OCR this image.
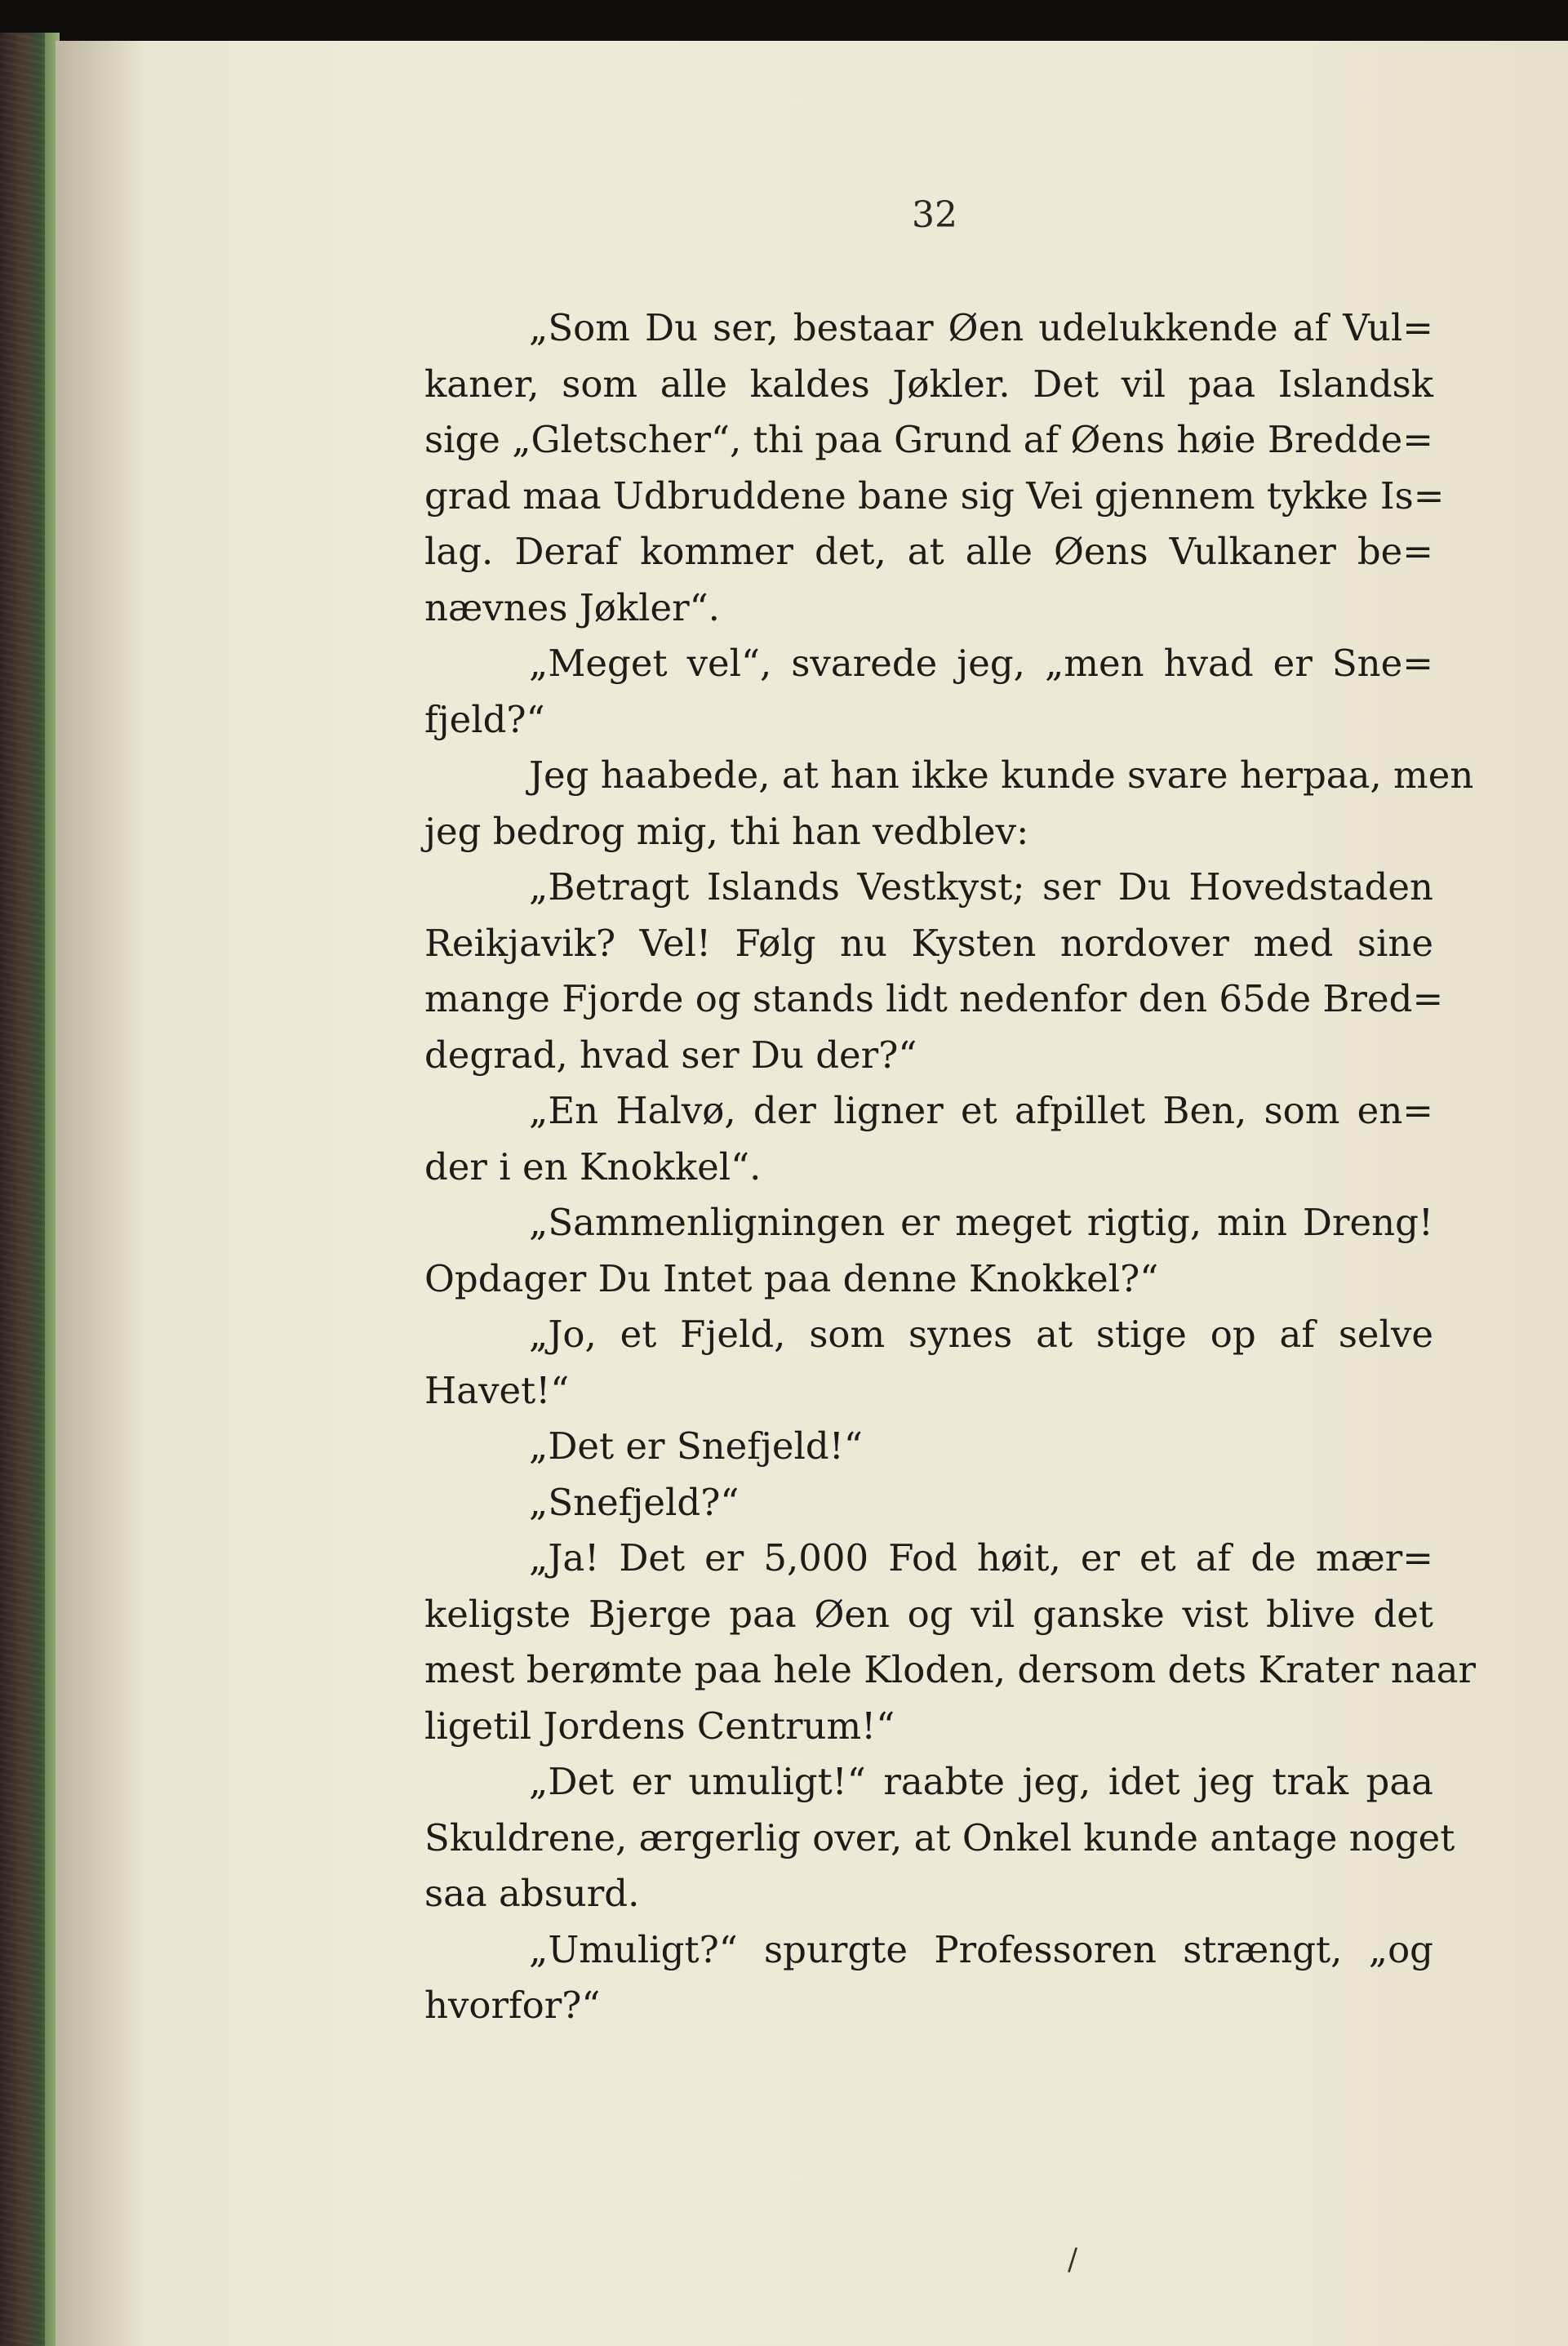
32
„Som Du ser, bestaar Øen udelukkende af Vul=
kaner, som alle kaldes Jøkler. Det vil paa Islandsk
sige „Gletscher“, thi paa Grund af Øens høie Bredde=
grad maa Udbruddene bane sig Vei gjennem tykke Is=
lag. Deraf kommer det, at alle Øens Vulkaner be=
nævnes Jøkler“.
„Meget vel“, svarede jeg, „men hvad er Sne=
fjeld?“
Jeg haabede, at han ikke kunde svare herpaa, men
jeg bedrog mig, thi han vedblev:
„Betragt Islands Vestkyst; ser Du Hovedstaden
Reikjavik? Vel! Følg nu Kysten nordover med sine
mange Fjorde og stands lidt nedenfor den 65de Bred=
degrad, hvad ser Du der?“
„En Halvø, der ligner et afpillet Ben, som en=
der i en Knokkel“.
„Sammenligningen er meget rigtig, min Dreng!
Opdager Du Intet paa denne Knokkel?“
„Jo, et Fjeld, som synes at stige op af selve
Havet!“
„Det er Snefjeld!“
„Snefjeld?“
„Ja! Det er 5,000 Fod høit, er et af de mær=
keligste Bjerge paa Øen og vil ganske vist blive det
mest berømte paa hele Kloden, dersom dets Krater naar
ligetil Jordens Centrum!“
„Det er umuligt!“ raabte jeg, idet jeg trak paa
Skuldrene, ærgerlig over, at Onkel kunde antage noget
saa absurd.
„Umuligt?“ spurgte Professoren strængt, „og
hvorfor?“
/
